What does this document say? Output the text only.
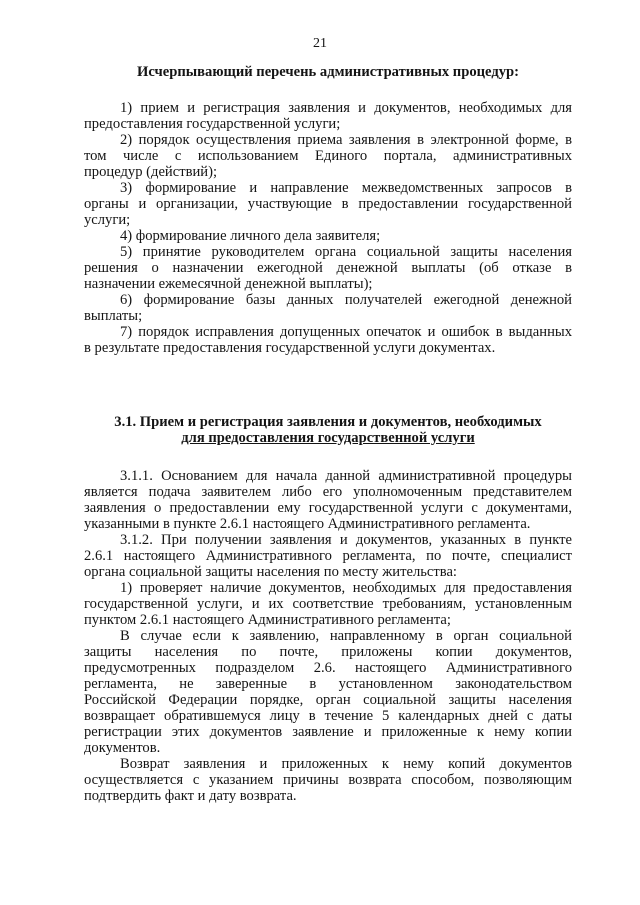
21
Исчерпывающий перечень административных процедур:

1) прием и регистрация заявления и документов, необходимых для
предоставления государственной услуги;

2) порядок осуществления приема заявления в электронной форме, в
том числе с использованием Единого портала, административных
процедур (действий);

3) формирование и направление межведомственных запросов в
органы и организации, участвующие в предоставлении государственной
услуги;

4) формирование личного дела заявителя;

5) принятие руководителем органа социальной защиты населения
решения о назначении ежегодной денежной выплаты (об отказе в
назначении ежемесячной денежной выплаты);

6) формирование базы данных получателей ежегодной денежной
выплаты;

7) порядок исправления допущенных опечаток и ошибок в выданных
в результате предоставления государственной услуги документах.

3.1. Прием и регистрация заявления и документов, необходимых
для предоставления государственной услуги

3.1.1. Основанием для начала данной административной процедуры
является подача заявителем либо его уполномоченным представителем
заявления о предоставлении ему государственной услуги с документами,
указанными в пункте 2.6.1 настоящего Административного регламента.

3.1.2. При получении заявления и документов, указанных в пункте
2.6.1 настоящего Административного регламента, по почте, специалист
органа социальной защиты населения по месту жительства:

1) проверяет наличие документов, необходимых для предоставления
государственной услуги, и их соответствие требованиям, установленным
пунктом 2.6.1 настоящего Административного регламента;

В случае если к заявлению, направленному в орган социальной
защиты населения по почте, приложены копии документов,
предусмотренных подразделом 2.6. настоящего Административного
регламента, не заверенные в установленном законодательством
Российской Федерации порядке, орган социальной защиты населения
возвращает обратившемуся лицу в течение 5 календарных дней с даты
регистрации этих документов заявление и приложенные к нему копии
документов.

Возврат заявления и приложенных к нему копий документов
осуществляется с указанием причины возврата способом, позволяющим
подтвердить факт и дату возврата.
